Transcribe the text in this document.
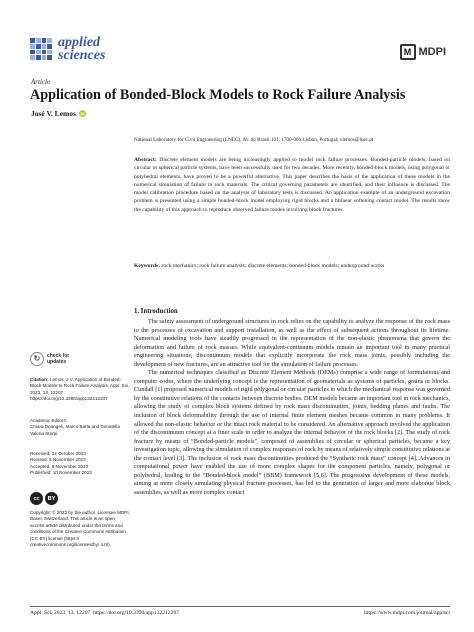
applied
sciences	M MDPI
Article
Application of Bonded-Block Models to Rock Failure Analysis
José V. Lemos	iD
National Laboratory for Civil Engineering (LNEC), Av. do Brasil 101, 1700-066 Lisbon, Portugal; vlemos@lnec.pt
Abstract: Discrete element models are being increasingly applied to model rock failure processes. Bonded-particle models, based on circular or spherical particle systems, have been successfully used for two decades. More recently, bonded-block models, using polygonal or polyhedral elements, have proven to be a powerful alternative. This paper describes the basis of the application of these models in the numerical simulation of failure in rock materials. The critical governing parameters are identified, and their influence is discussed. The model calibration procedure based on the analysis of laboratory tests is discussed. An application example of an underground excavation problem is presented using a simple bonded-block model employing rigid blocks and a bilinear softening contact model. The results show the capability of this approach to reproduce observed failure modes involving block fractures.
Keywords: rock mechanics; rock failure analysis; discrete elements; bonded-block models; underground works
1. Introduction

The safety assessment of underground structures in rock relies on the capability to analyze the response of the rock mass to the processes of excavation and support installation, as well as the effect of subsequent actions throughout its lifetime. Numerical modeling tools have steadily progressed in the representation of the non-elastic phenomena that govern the deformation and failure of rock masses. While equivalent-continuum models remain an important tool in many practical engineering situations, discontinuum models that explicitly incorporate the rock mass joints, possibly including the development of new fractures, are an attractive tool for the simulation of failure processes.

The numerical techniques classified as Discrete Element Methods (DEMs) comprise a wide range of formulations and computer codes, where the underlying concept is the representation of geomaterials as systems of particles, grains or blocks. Cundall [1] proposed numerical models of rigid polygonal or circular particles in which the mechanical response was governed by the constitutive relations of the contacts between discrete bodies. DEM models became an important tool in rock mechanics, allowing the study of complex block systems defined by rock mass discontinuities, joints, bedding planes and faults. The inclusion of block deformability through the use of internal finite element meshes became common in many problems. It allowed the non-elastic behavior or the intact rock material to be considered. An alternative approach involved the application of the discontinuum concept at a finer scale in order to analyze the internal behavior of the rock blocks [2]. The study of rock fracture by means of “Bonded-particle models”, composed of assemblies of circular or spherical particles, became a key investigation topic, allowing the simulation of complex responses of rock by means of relatively simple constitutive relations at the contact level [3]. The inclusion of rock mass discontinuities produced the “Synthetic rock mass” concept [4]. Advances in computational power have enabled the use of more complex shapes for the component particles, namely, polygonal or polyhedral, leading to the “Bonded-block model” (BBM) framework [5,6]. The progressive development of these models, aiming at more closely simulating physical fracture processes, has led to the generation of larger and more elaborate block assemblies, as well as more complex contact

↻	check for
updates
Citation: Lemos, J.V. Application of Bonded-Block Models to Rock Failure Analysis. Appl. Sci. 2023, 13, 12207. https://doi.org/10.3390/app132212207
Academic Editors:
Chiara Deangeli, Marco Barla and Donatella Valeria Sterpi
Received: 22 October 2023
Revised: 5 November 2023
Accepted: 8 November 2023
Published: 10 November 2023
cc	BY
Copyright: © 2023 by the author. Licensee MDPI, Basel, Switzerland. This article is an open access article distributed under the terms and conditions of the Creative Commons Attribution (CC BY) license (https:// creativecommons.org/licenses/by/ 4.0/).
Appl. Sci. 2023, 13, 12207. https://doi.org/10.3390/app132212207	https://www.mdpi.com/journal/applsci
